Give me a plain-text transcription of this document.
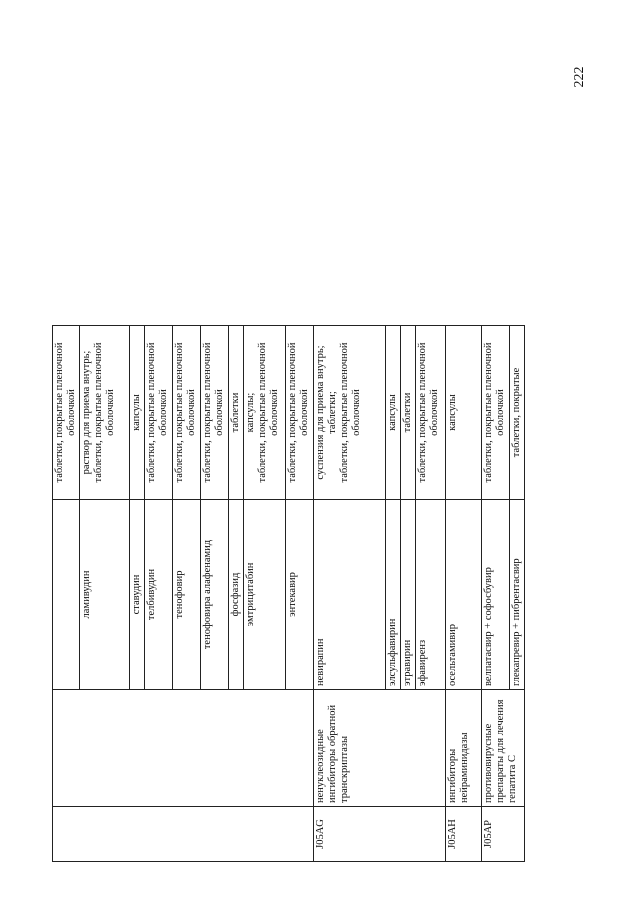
222
			таблетки, покрытые пленочной оболочкой
		ламивудин	раствор для приема внутрь; таблетки, покрытые пленочной оболочкой

		ставудин	капсулы
		телбивудин	таблетки, покрытые пленочной оболочкой
		тенофовир	таблетки, покрытые пленочной оболочкой
		тенофовира алафенамид	таблетки, покрытые пленочной оболочкой
		фосфазид	таблетки
		эмтрицитабин	капсулы; таблетки, покрытые пленочной оболочкой

		энтекавир	таблетки, покрытые пленочной оболочкой
J05AG	ненуклеозидные ингибиторы обратной транскриптазы	невирапин	суспензия для приема внутрь; таблетки; таблетки, покрытые пленочной оболочкой

		элсульфавирин	капсулы
		этравирин	таблетки
		эфавиренз	таблетки, покрытые пленочной оболочкой
J05AH	ингибиторы нейраминидазы	осельтамивир	капсулы
J05AP	противовирусные препараты для лечения гепатита С	велпатасвир + софосбувир	таблетки, покрытые пленочной оболочкой
		глекапревир + пибрентасвир	таблетки, покрытые
